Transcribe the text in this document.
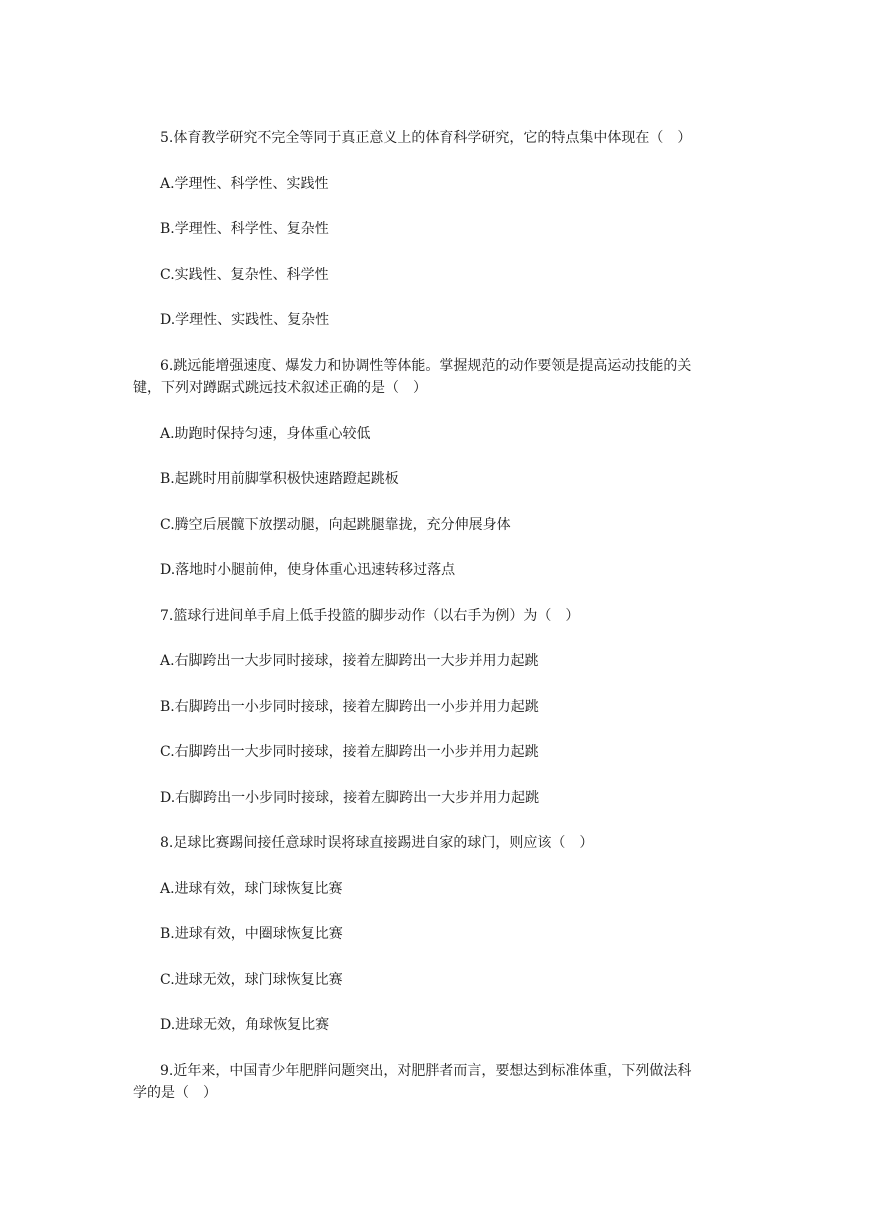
5.体育教学研究不完全等同于真正意义上的体育科学研究，它的特点集中体现在（　）
A.学理性、科学性、实践性
B.学理性、科学性、复杂性
C.实践性、复杂性、科学性
D.学理性、实践性、复杂性
6.跳远能增强速度、爆发力和协调性等体能。掌握规范的动作要领是提高运动技能的关
键，下列对蹲踞式跳远技术叙述正确的是（　）
A.助跑时保持匀速，身体重心较低
B.起跳时用前脚掌积极快速踏蹬起跳板
C.腾空后展髋下放摆动腿，向起跳腿靠拢，充分伸展身体
D.落地时小腿前伸，使身体重心迅速转移过落点
7.篮球行进间单手肩上低手投篮的脚步动作（以右手为例）为（　）
A.右脚跨出一大步同时接球，接着左脚跨出一大步并用力起跳
B.右脚跨出一小步同时接球，接着左脚跨出一小步并用力起跳
C.右脚跨出一大步同时接球，接着左脚跨出一小步并用力起跳
D.右脚跨出一小步同时接球，接着左脚跨出一大步并用力起跳
8.足球比赛踢间接任意球时误将球直接踢进自家的球门，则应该（　）
A.进球有效，球门球恢复比赛
B.进球有效，中圈球恢复比赛
C.进球无效，球门球恢复比赛
D.进球无效，角球恢复比赛
9.近年来，中国青少年肥胖问题突出，对肥胖者而言，要想达到标准体重，下列做法科
学的是（　）
